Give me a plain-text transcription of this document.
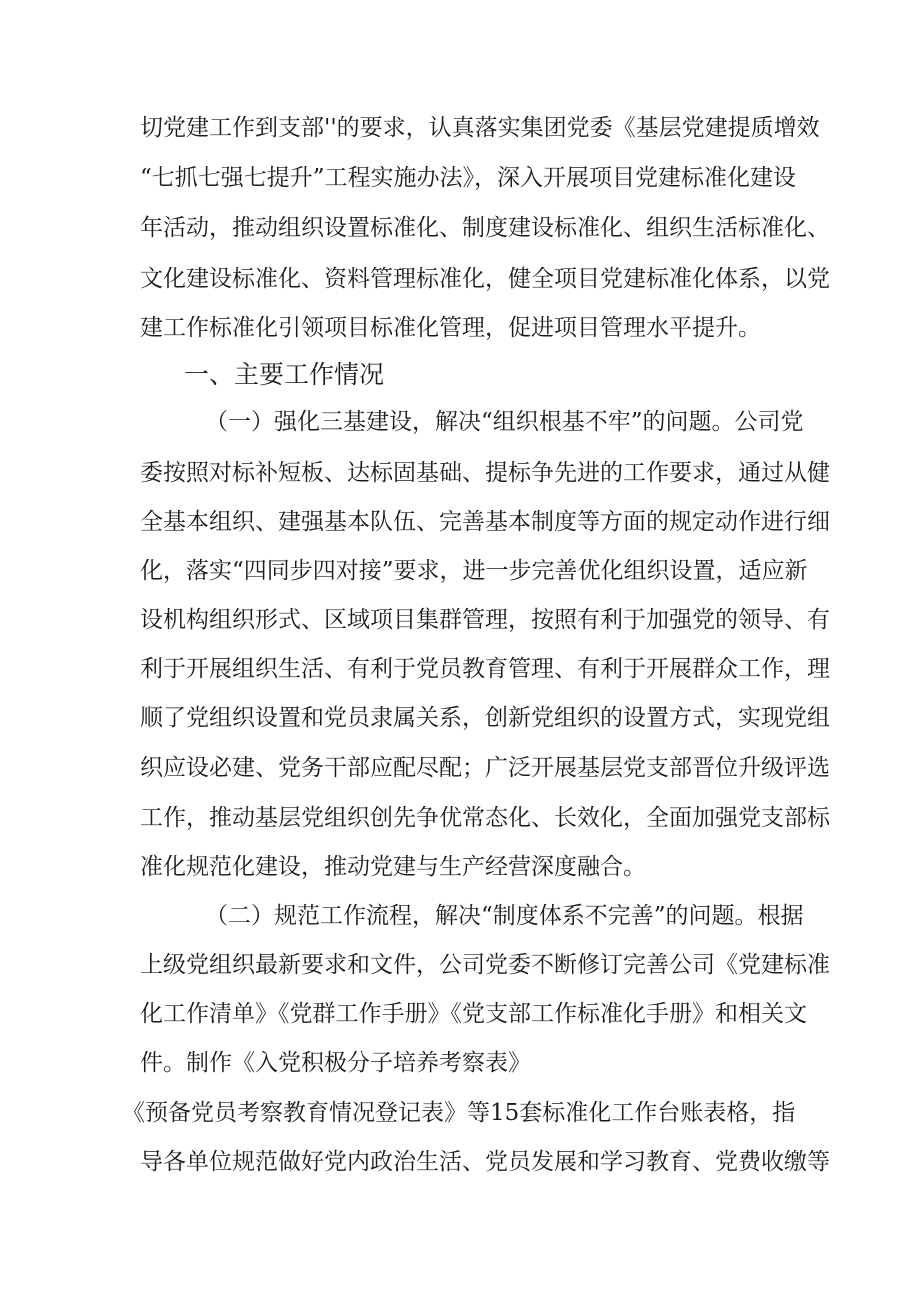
切党建工作到支部''的要求，认真落实集团党委《基层党建提质增效
“七抓七强七提升”工程实施办法》，深入开展项目党建标准化建设
年活动，推动组织设置标准化、制度建设标准化、组织生活标准化、
文化建设标准化、资料管理标准化，健全项目党建标准化体系，以党
建工作标准化引领项目标准化管理，促进项目管理水平提升。
一、主要工作情况
（一）强化三基建设，解决“组织根基不牢”的问题。公司党
委按照对标补短板、达标固基础、提标争先进的工作要求，通过从健
全基本组织、建强基本队伍、完善基本制度等方面的规定动作进行细
化，落实“四同步四对接”要求，进一步完善优化组织设置，适应新
设机构组织形式、区域项目集群管理，按照有利于加强党的领导、有
利于开展组织生活、有利于党员教育管理、有利于开展群众工作，理
顺了党组织设置和党员隶属关系，创新党组织的设置方式，实现党组
织应设必建、党务干部应配尽配；广泛开展基层党支部晋位升级评选
工作，推动基层党组织创先争优常态化、长效化，全面加强党支部标
准化规范化建设，推动党建与生产经营深度融合。
（二）规范工作流程，解决“制度体系不完善”的问题。根据
上级党组织最新要求和文件，公司党委不断修订完善公司《党建标准
化工作清单》《党群工作手册》《党支部工作标准化手册》和相关文
件。制作《入党积极分子培养考察表》
《预备党员考察教育情况登记表》等15套标准化工作台账表格，指
导各单位规范做好党内政治生活、党员发展和学习教育、党费收缴等
